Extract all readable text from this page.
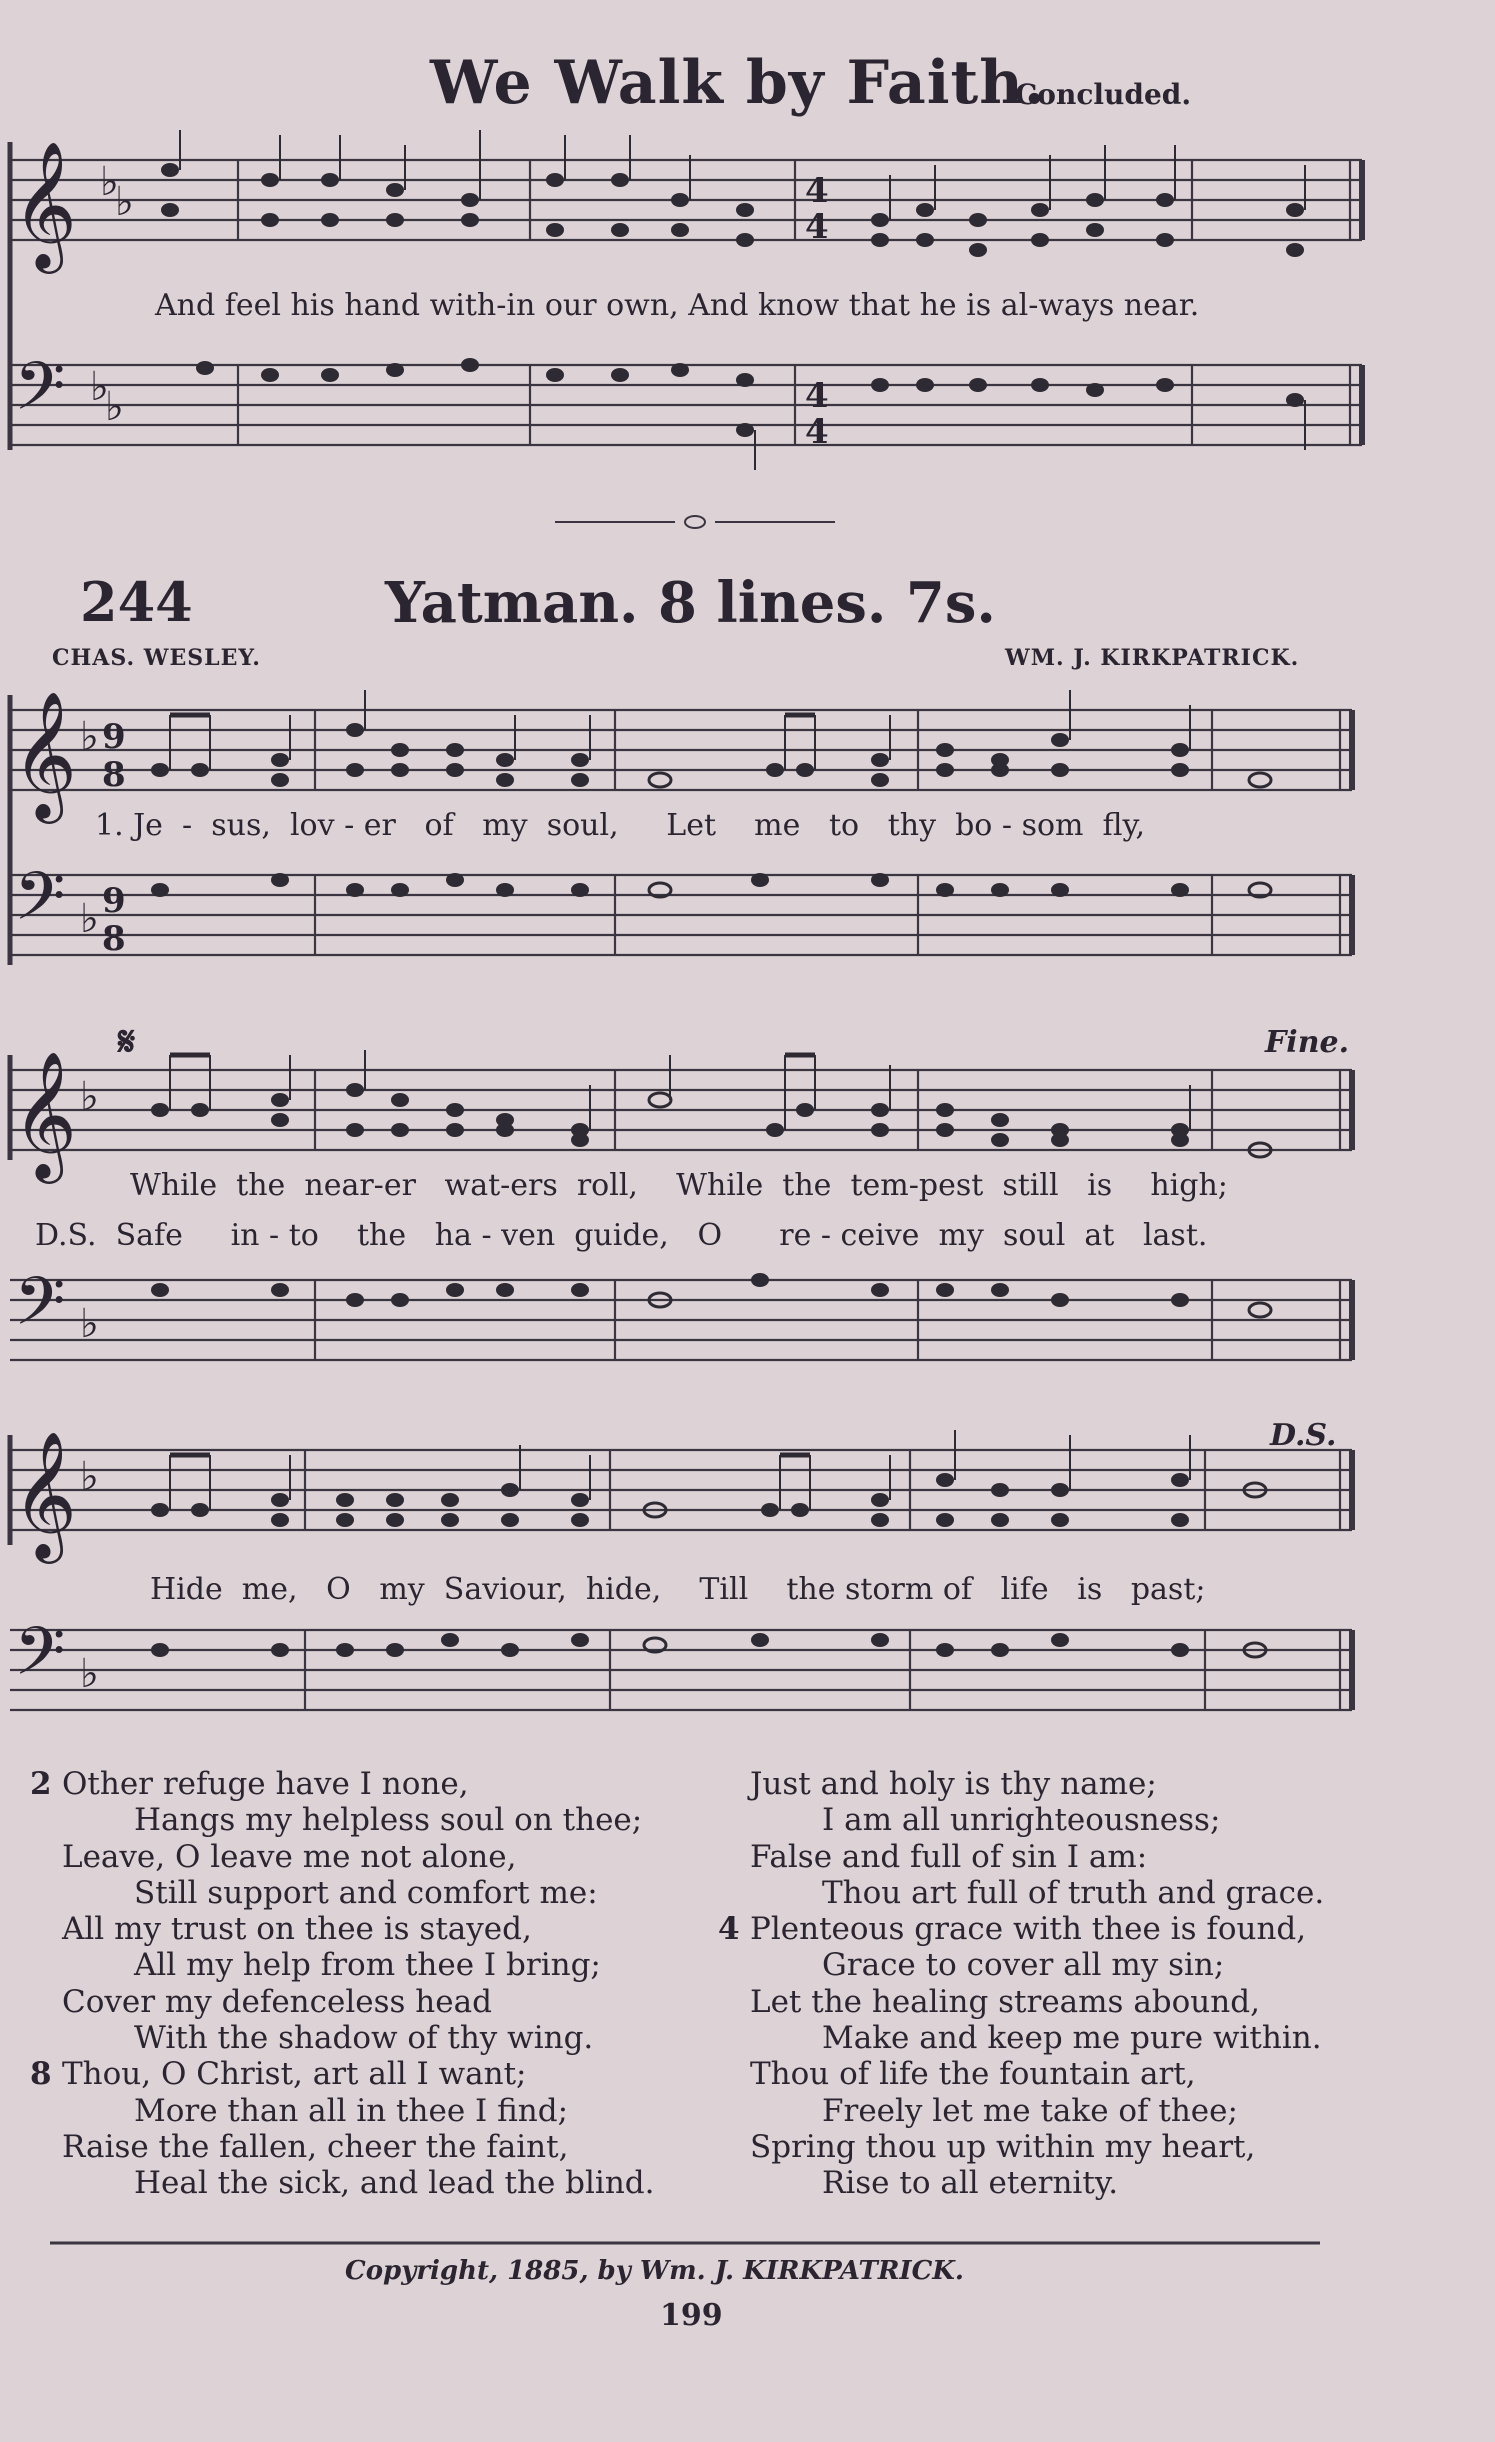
We Walk by Faith.
Concluded.
𝄞
𝄢
♭
♭
♭
♭
4
4
4
4
And feel his hand with-in our own, And know that he is al-ways near.
244	Yatman. 8 lines. 7s.
CHAS. WESLEY.	WM. J. KIRKPATRICK.
𝄞
𝄢
♭
♭
9
8
9
8
1. Je  -  sus,  lov - er   of   my  soul,     Let    me   to   thy  bo - som  fly,
𝄋	Fine.
𝄞
𝄢
♭
♭
While  the  near-er   wat-ers  roll,    While  the  tem-pest  still   is    high;
D.S.  Safe     in - to    the   ha - ven  guide,   O      re - ceive  my  soul  at   last.
D.S.
𝄞
𝄢
♭
♭
Hide  me,   O   my  Saviour,  hide,    Till    the storm of   life   is   past;
2 Other refuge have I none,
Hangs my helpless soul on thee;
Leave, O leave me not alone,
Still support and comfort me:
All my trust on thee is stayed,
All my help from thee I bring;
Cover my defenceless head
With the shadow of thy wing.
8 Thou, O Christ, art all I want;
More than all in thee I find;
Raise the fallen, cheer the faint,
Heal the sick, and lead the blind.
Just and holy is thy name;
I am all unrighteousness;
False and full of sin I am:
Thou art full of truth and grace.
4 Plenteous grace with thee is found,
Grace to cover all my sin;
Let the healing streams abound,
Make and keep me pure within.
Thou of life the fountain art,
Freely let me take of thee;
Spring thou up within my heart,
Rise to all eternity.
Copyright, 1885, by Wm. J. KIRKPATRICK.
199
